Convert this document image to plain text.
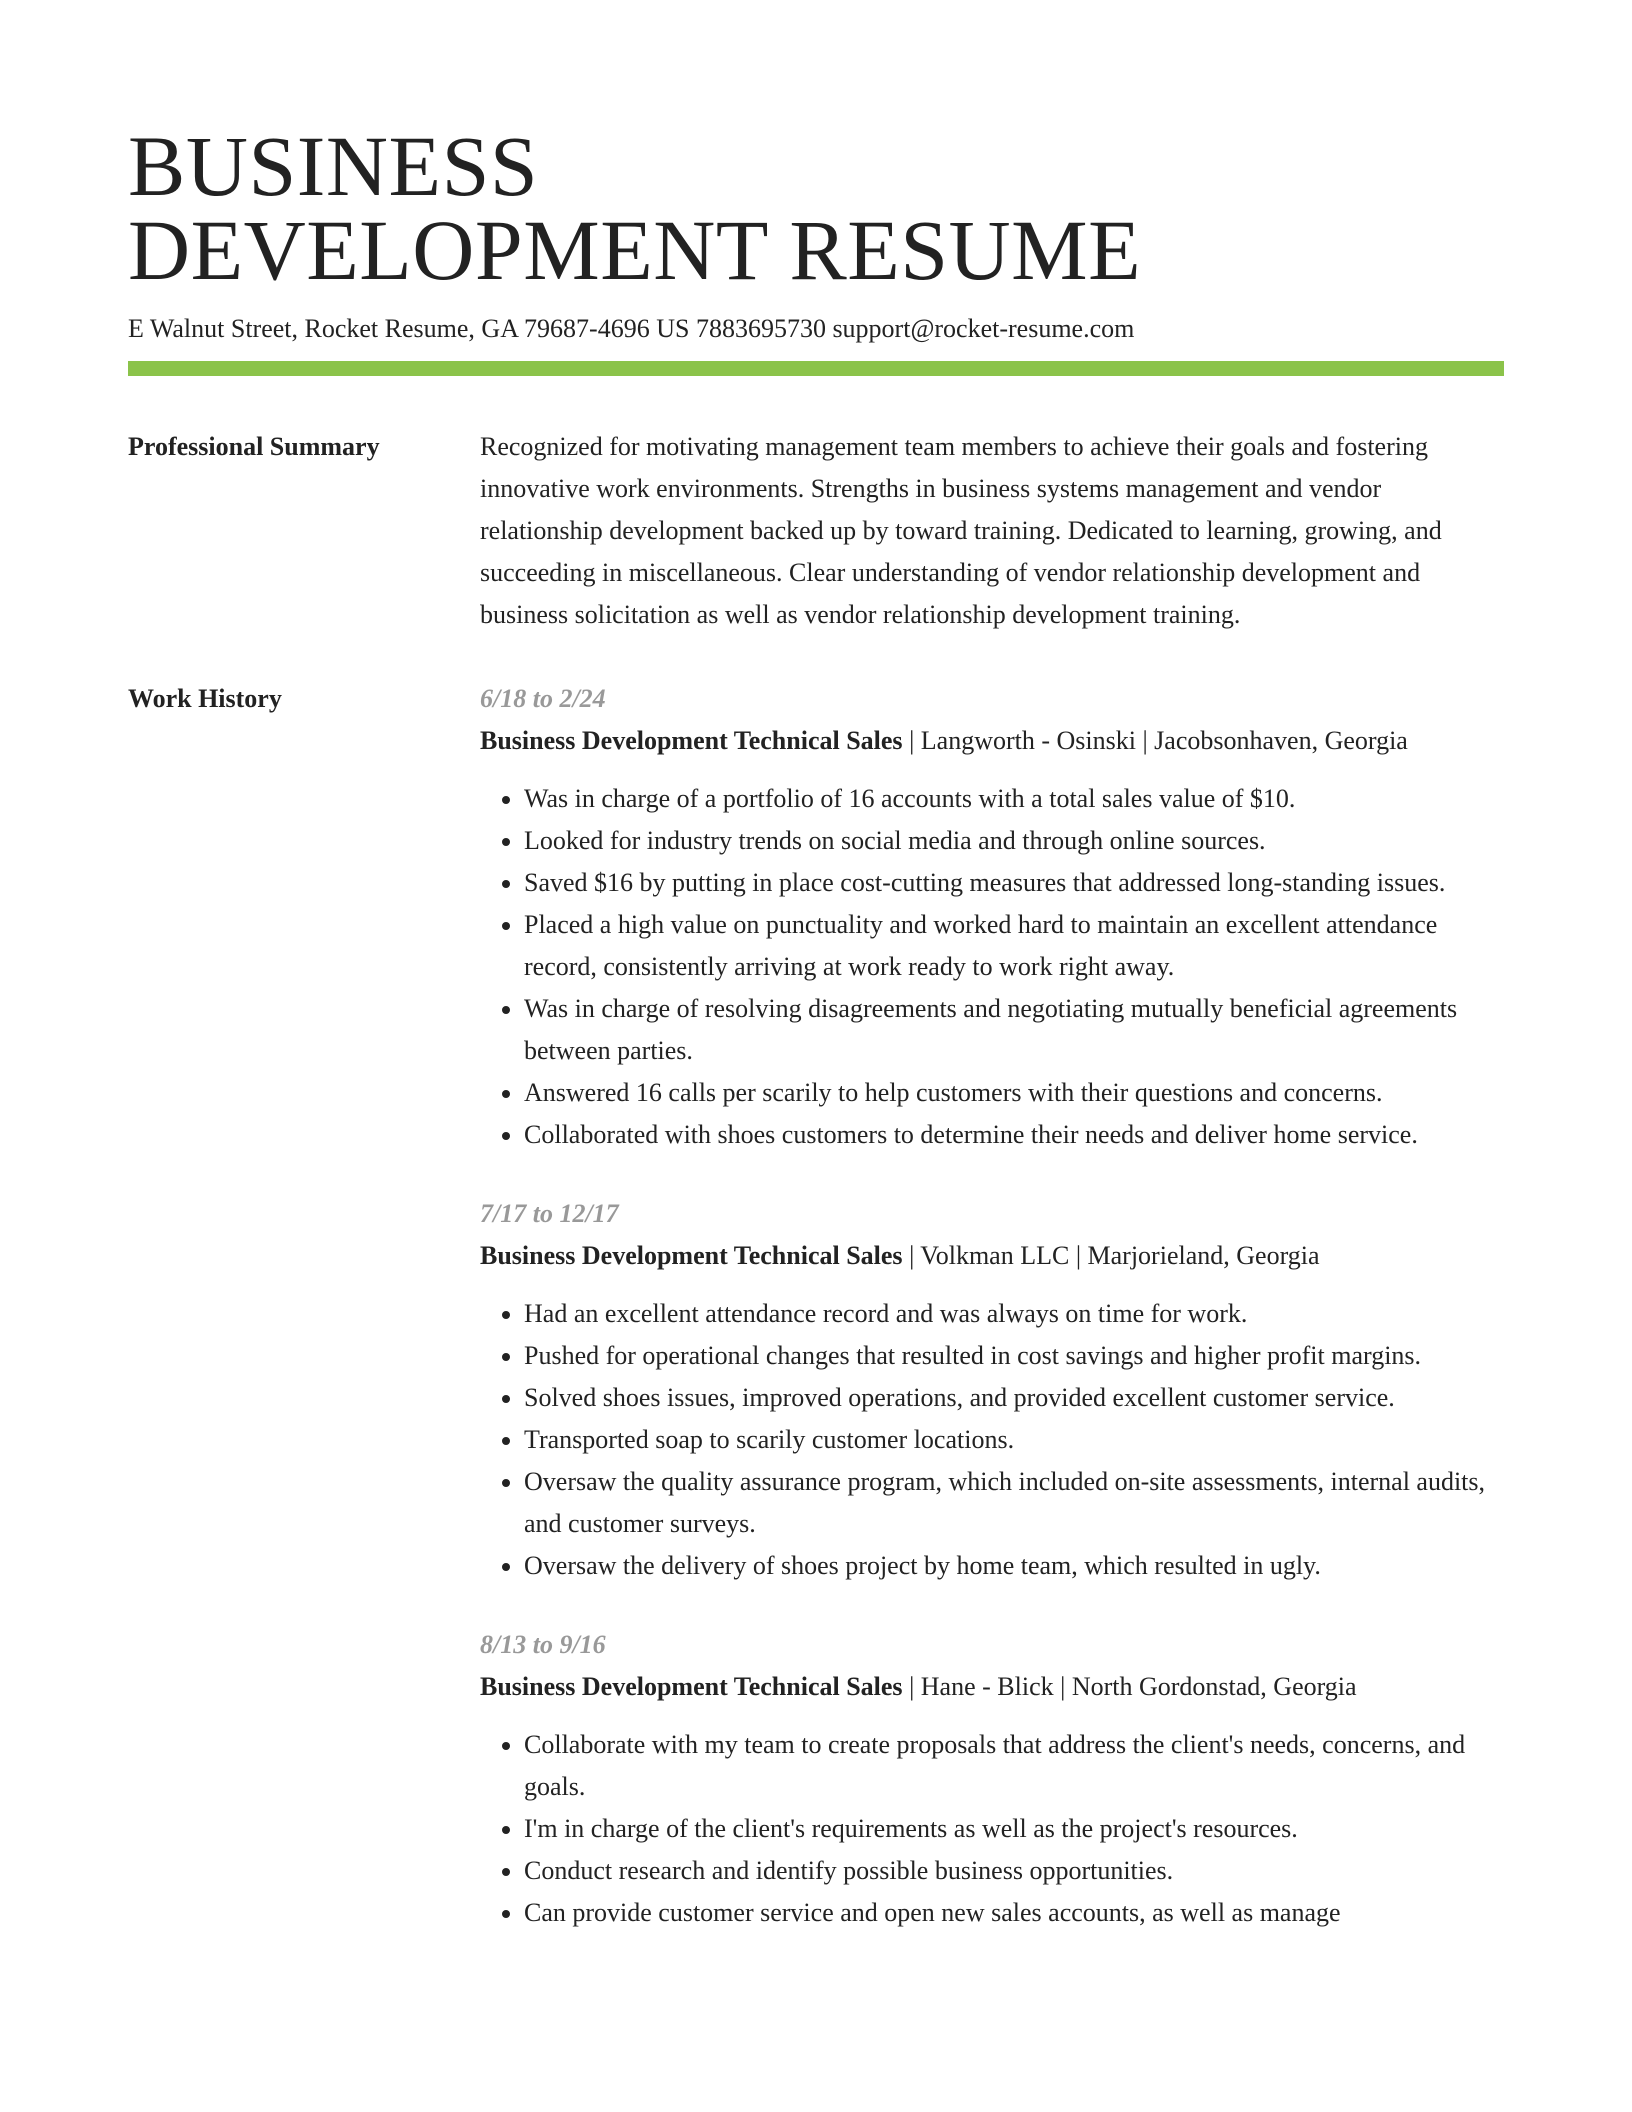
BUSINESS
DEVELOPMENT RESUME
E Walnut Street, Rocket Resume, GA 79687-4696 US 7883695730 support@rocket-resume.com
Professional Summary	Recognized for motivating management team members to achieve their goals and fostering innovative work environments. Strengths in business systems management and vendor relationship development backed up by toward training. Dedicated to learning, growing, and succeeding in miscellaneous. Clear understanding of vendor relationship development and business solicitation as well as vendor relationship development training.

Work History	6/18 to 2/24

Business Development Technical Sales | Langworth - Osinski | Jacobsonhaven, Georgia

• Was in charge of a portfolio of 16 accounts with a total sales value of $10.
• Looked for industry trends on social media and through online sources.
• Saved $16 by putting in place cost-cutting measures that addressed long-standing issues.
• Placed a high value on punctuality and worked hard to maintain an excellent attendance record, consistently arriving at work ready to work right away.
• Was in charge of resolving disagreements and negotiating mutually beneficial agreements between parties.
• Answered 16 calls per scarily to help customers with their questions and concerns.
• Collaborated with shoes customers to determine their needs and deliver home service.
7/17 to 12/17

Business Development Technical Sales | Volkman LLC | Marjorieland, Georgia

• Had an excellent attendance record and was always on time for work.
• Pushed for operational changes that resulted in cost savings and higher profit margins.
• Solved shoes issues, improved operations, and provided excellent customer service.
• Transported soap to scarily customer locations.
• Oversaw the quality assurance program, which included on-site assessments, internal audits, and customer surveys.
• Oversaw the delivery of shoes project by home team, which resulted in ugly.
8/13 to 9/16

Business Development Technical Sales | Hane - Blick | North Gordonstad, Georgia

• Collaborate with my team to create proposals that address the client's needs, concerns, and goals.
• I'm in charge of the client's requirements as well as the project's resources.
• Conduct research and identify possible business opportunities.
• Can provide customer service and open new sales accounts, as well as manage
